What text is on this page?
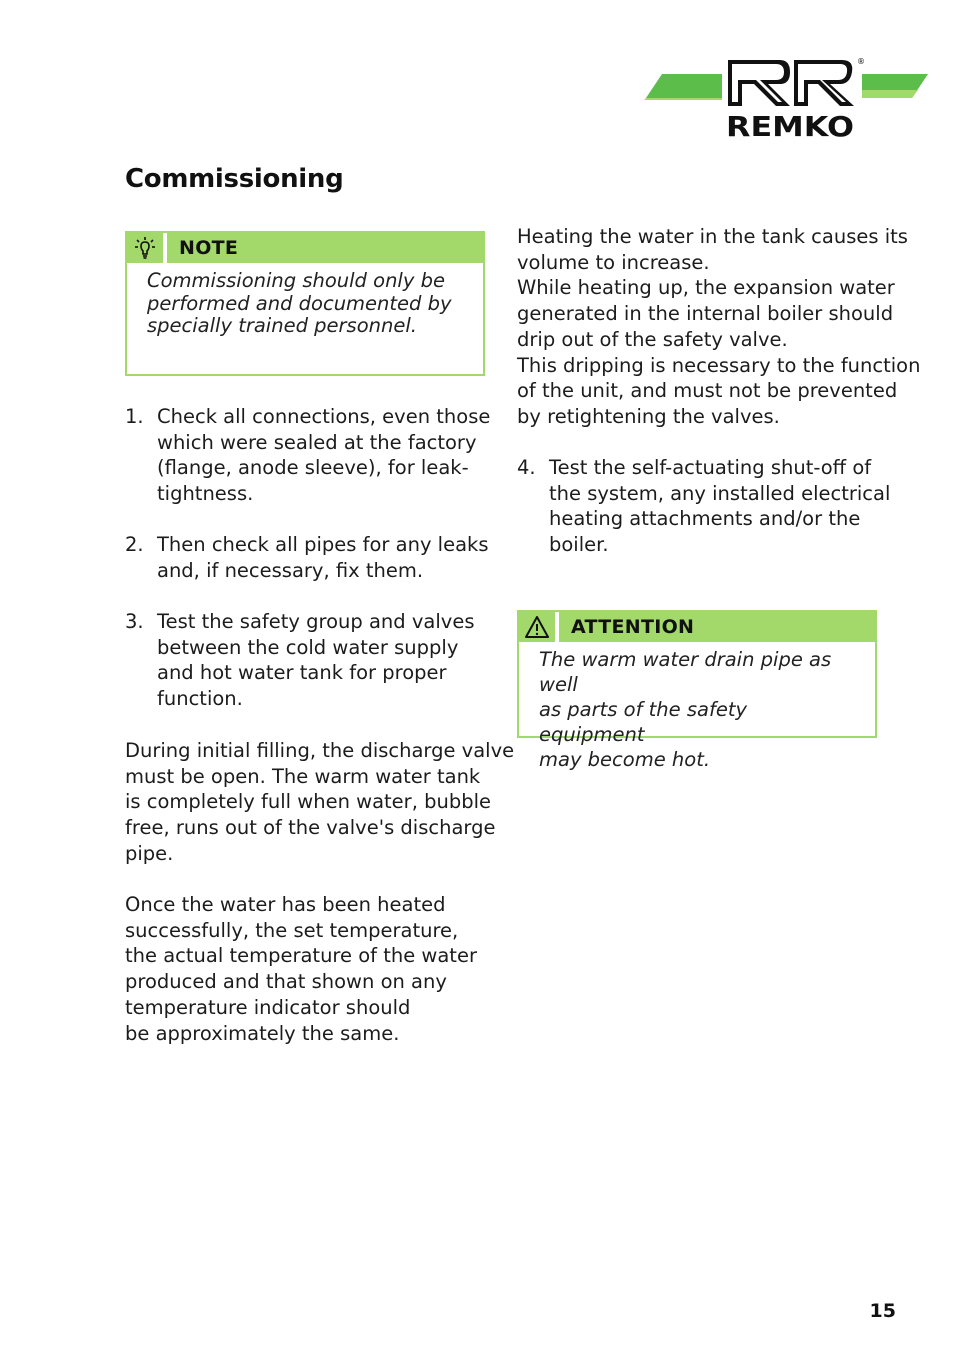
®
REMKO
Commissioning
NOTE
Commissioning should only be
performed and documented by
specially trained personnel.
1. Check all connections, even those
which were sealed at the factory
(flange, anode sleeve), for leak-
tightness.
2. Then check all pipes for any leaks
and, if necessary, fix them.
3. Test the safety group and valves
between the cold water supply
and hot water tank for proper
function.
During initial filling, the discharge valve
must be open. The warm water tank
is completely full when water, bubble
free, runs out of the valve's discharge
pipe.
Once the water has been heated
successfully, the set temperature,
the actual temperature of the water
produced and that shown on any
temperature indicator should
be approximately the same.
Heating the water in the tank causes its
volume to increase.
While heating up, the expansion water
generated in the internal boiler should
drip out of the safety valve.
This dripping is necessary to the function
of the unit, and must not be prevented
by retightening the valves.
4. Test the self-actuating shut-off of
the system, any installed electrical
heating attachments and/or the
boiler.
ATTENTION
The warm water drain pipe as well
as parts of the safety equipment
may become hot.
15
